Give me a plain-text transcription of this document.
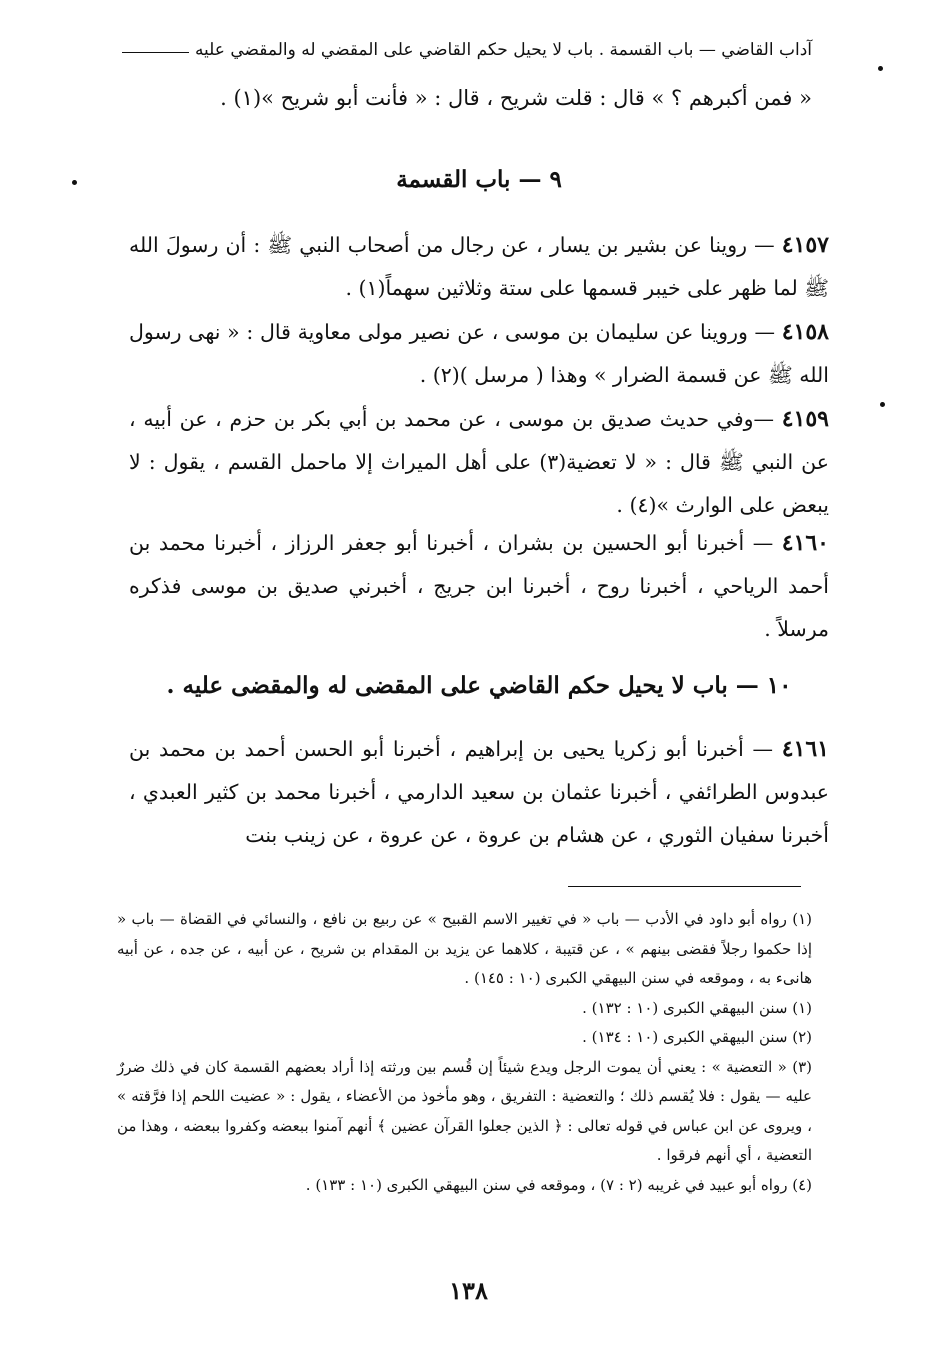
آداب القاضي — باب القسمة . باب لا يحيل حكم القاضي على المقضي له والمقضي عليه
« فمن أكبرهم ؟ » قال : قلت شريح ، قال : « فأنت أبو شريح »(١) .
٩ — باب القسمة
٤١٥٧ — روينا عن بشير بن يسار ، عن رجال من أصحاب النبي ﷺ : أن رسولَ الله ﷺ لما ظهر على خيبر قسمها على ستة وثلاثين سهماً(١) .
٤١٥٨ — وروينا عن سليمان بن موسى ، عن نصير مولى معاوية قال : « نهى رسول الله ﷺ عن قسمة الضرار » وهذا ( مرسل )(٢) .
٤١٥٩ —وفي حديث صديق بن موسى ، عن محمد بن أبي بكر بن حزم ، عن أبيه ، عن النبي ﷺ قال : « لا تعضية(٣) على أهل الميراث إلا ماحمل القسم ، يقول : لا يبعض على الوارث »(٤) .
٤١٦٠ — أخبرنا أبو الحسين بن بشران ، أخبرنا أبو جعفر الرزاز ، أخبرنا محمد بن أحمد الرياحي ، أخبرنا روح ، أخبرنا ابن جريج ، أخبرني صديق بن موسى فذكره مرسلاً .
١٠ — باب لا يحيل حكم القاضي على المقضى له والمقضى عليه .
٤١٦١ — أخبرنا أبو زكريا يحيى بن إبراهيم ، أخبرنا أبو الحسن أحمد بن محمد بن عبدوس الطرائفي ، أخبرنا عثمان بن سعيد الدارمي ، أخبرنا محمد بن كثير العبدي ، أخبرنا سفيان الثوري ، عن هشام بن عروة ، عن عروة ، عن زينب بنت

(١) رواه أبو داود في الأدب — باب « في تغيير الاسم القبيح » عن ربيع بن نافع ، والنسائي في القضاة — باب « إذا حكموا رجلاً فقضى بينهم » ، عن قتيبة ، كلاهما عن يزيد بن المقدام بن شريح ، عن أبيه ، عن جده ، عن أبيه هانىء به ، وموقعه في سنن البيهقي الكبرى (١٠ : ١٤٥) .

(١) سنن البيهقي الكبرى (١٠ : ١٣٢) .

(٢) سنن البيهقي الكبرى (١٠ : ١٣٤) .

(٣) « التعضية » : يعني أن يموت الرجل ويدع شيئاً إن قُسم بين ورثته إذا أراد بعضهم القسمة كان في ذلك ضررٌ عليه — يقول : فلا يُقسم ذلك ؛ والتعضية : التفريق ، وهو مأخوذ من الأعضاء ، يقول : « عضيت اللحم إذا فرَّقته » ، ويروى عن ابن عباس في قوله تعالى : ﴿ الذين جعلوا القرآن عضين ﴾ أنهم آمنوا ببعضه وكفروا ببعضه ، وهذا من التعضية ، أي أنهم فرقوا .

(٤) رواه أبو عبيد في غريبه (٢ : ٧) ، وموقعه في سنن البيهقي الكبرى (١٠ : ١٣٣) .

١٣٨
